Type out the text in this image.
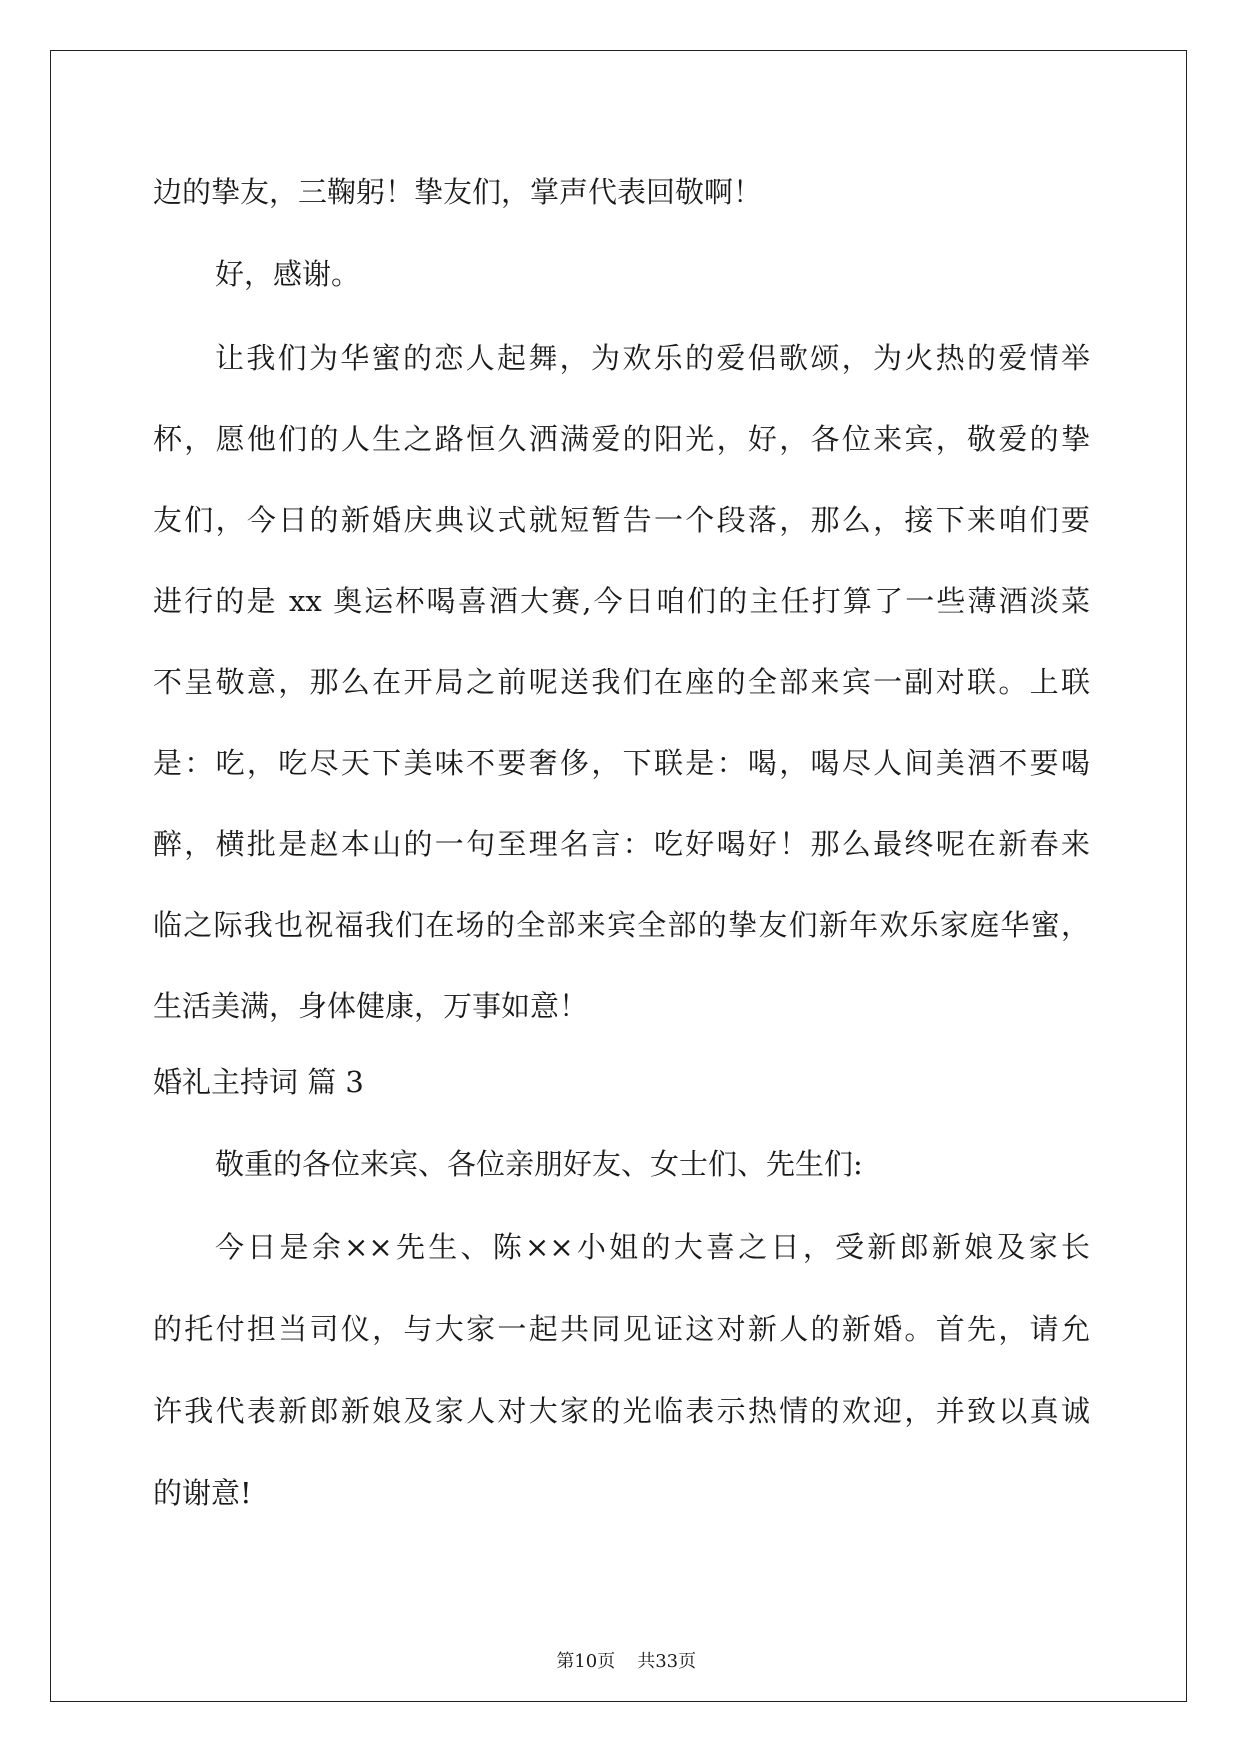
边的挚友，三鞠躬！挚友们，掌声代表回敬啊！
好，感谢。
让我们为华蜜的恋人起舞，为欢乐的爱侣歌颂，为火热的爱情举
杯，愿他们的人生之路恒久洒满爱的阳光，好，各位来宾，敬爱的挚
友们，今日的新婚庆典议式就短暂告一个段落，那么，接下来咱们要
进行的是 xx 奥运杯喝喜酒大赛,今日咱们的主任打算了一些薄酒淡菜
不呈敬意，那么在开局之前呢送我们在座的全部来宾一副对联。上联
是：吃，吃尽天下美味不要奢侈，下联是：喝，喝尽人间美酒不要喝
醉，横批是赵本山的一句至理名言：吃好喝好！那么最终呢在新春来
临之际我也祝福我们在场的全部来宾全部的挚友们新年欢乐家庭华蜜，
生活美满，身体健康，万事如意！
婚礼主持词 篇 3
敬重的各位来宾、各位亲朋好友、女士们、先生们:
今日是余××先生、陈××小姐的大喜之日，受新郎新娘及家长
的托付担当司仪，与大家一起共同见证这对新人的新婚。首先，请允
许我代表新郎新娘及家人对大家的光临表示热情的欢迎，并致以真诚
的谢意!

第10页 共33页
